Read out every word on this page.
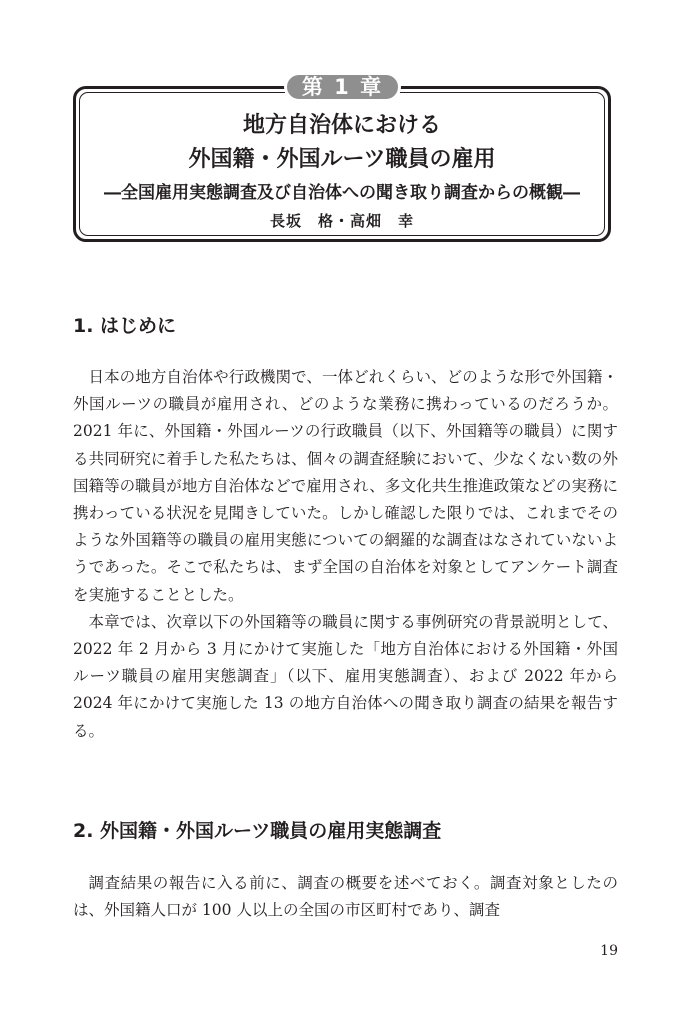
第 1 章
地方自治体における
外国籍・外国ルーツ職員の雇用
―全国雇用実態調査及び自治体への聞き取り調査からの概観―
長坂　格・高畑　幸
1. はじめに

日本の地方自治体や行政機関で、一体どれくらい、どのような形で外国籍・外国ルーツの職員が雇用され、どのような業務に携わっているのだろうか。2021 年に、外国籍・外国ルーツの行政職員（以下、外国籍等の職員）に関する共同研究に着手した私たちは、個々の調査経験において、少なくない数の外国籍等の職員が地方自治体などで雇用され、多文化共生推進政策などの実務に携わっている状況を見聞きしていた。しかし確認した限りでは、これまでそのような外国籍等の職員の雇用実態についての網羅的な調査はなされていないようであった。そこで私たちは、まず全国の自治体を対象としてアンケート調査を実施することとした。

本章では、次章以下の外国籍等の職員に関する事例研究の背景説明として、2022 年 2 月から 3 月にかけて実施した「地方自治体における外国籍・外国ルーツ職員の雇用実態調査」（以下、雇用実態調査）、および 2022 年から 2024 年にかけて実施した 13 の地方自治体への聞き取り調査の結果を報告する。

2. 外国籍・外国ルーツ職員の雇用実態調査

調査結果の報告に入る前に、調査の概要を述べておく。調査対象としたのは、外国籍人口が 100 人以上の全国の市区町村であり、調査

19
